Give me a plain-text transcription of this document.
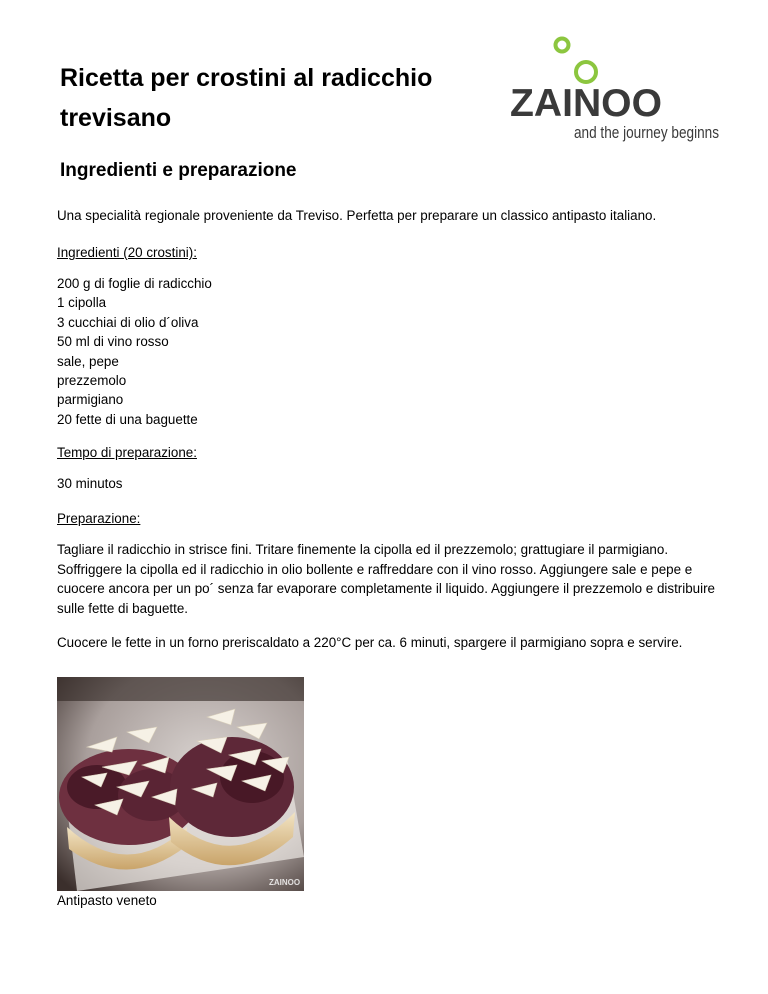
Ricetta per crostini al radicchio trevisano	ZAINOO
and the journey beginns
Ingredienti e preparazione

Una specialità regionale proveniente da Treviso. Perfetta per preparare un classico antipasto italiano.

Ingredienti (20 crostini):

200 g di foglie di radicchio
1 cipolla
3 cucchiai di olio d´oliva
50 ml di vino rosso
sale, pepe
prezzemolo
parmigiano
20 fette di una baguette

Tempo di preparazione:

30 minutos

Preparazione:

Tagliare il radicchio in strisce fini. Tritare finemente la cipolla ed il prezzemolo; grattugiare il parmigiano. Soffriggere la cipolla ed il radicchio in olio bollente e raffreddare con il vino rosso. Aggiungere sale e pepe e cuocere ancora per un po´ senza far evaporare completamente il liquido. Aggiungere il prezzemolo e distribuire sulle fette di baguette.

Cuocere le fette in un forno preriscaldato a 220°C per ca. 6 minuti, spargere il parmigiano sopra e servire.

ZAINOO

Antipasto veneto
